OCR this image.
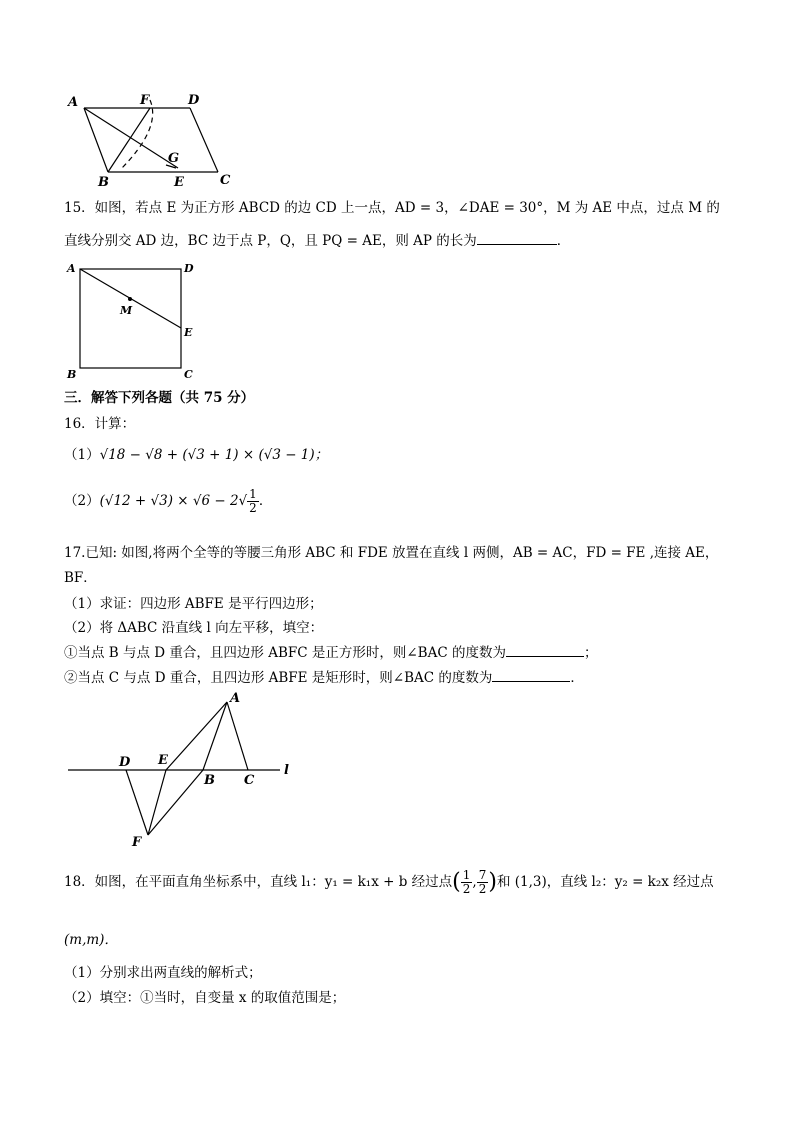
A	F	D
G
B	E	C
15．如图，若点 E 为正方形 ABCD 的边 CD 上一点，AD = 3，∠DAE = 30°，M 为 AE 中点，过点 M 的
直线分别交 AD 边，BC 边于点 P，Q，且 PQ = AE，则 AP 的长为	．
A	D
M
E
B	C
三．解答下列各题（共 75 分）
16．计算：
（1）√18 − √8 + (√3 + 1) × (√3 − 1)；
$(2)(√12 + √3) \times √6 - 2√ \frac{1}{2}$ ．
17.已知: 如图,将两个全等的等腰三角形 ABC 和 FDE 放置在直线 l 两侧，AB = AC，FD = FE ,连接 AE，
BF．
（1）求证：四边形 ABFE 是平行四边形；
（2）将 ΔABC 沿直线 l 向左平移，填空：
①当点 B 与点 D 重合，且四边形 ABFC 是正方形时，则∠BAC 的度数为	；
②当点 C 与点 D 重合，且四边形 ABFE 是矩形时，则∠BAC 的度数为	．
A
D E
B C
l
F
18．如图，在平面直角坐标系中，直线 l₁：y₁ = k₁x + b 经过点( $\frac{1}{2}$ , $\frac{7}{2}$ )和 (1,3)，直线 l₂：y₂ = k₂x 经过点
(m,m)．
（1）分别求出两直线的解析式；
（2）填空：①当时，自变量 x 的取值范围是；
